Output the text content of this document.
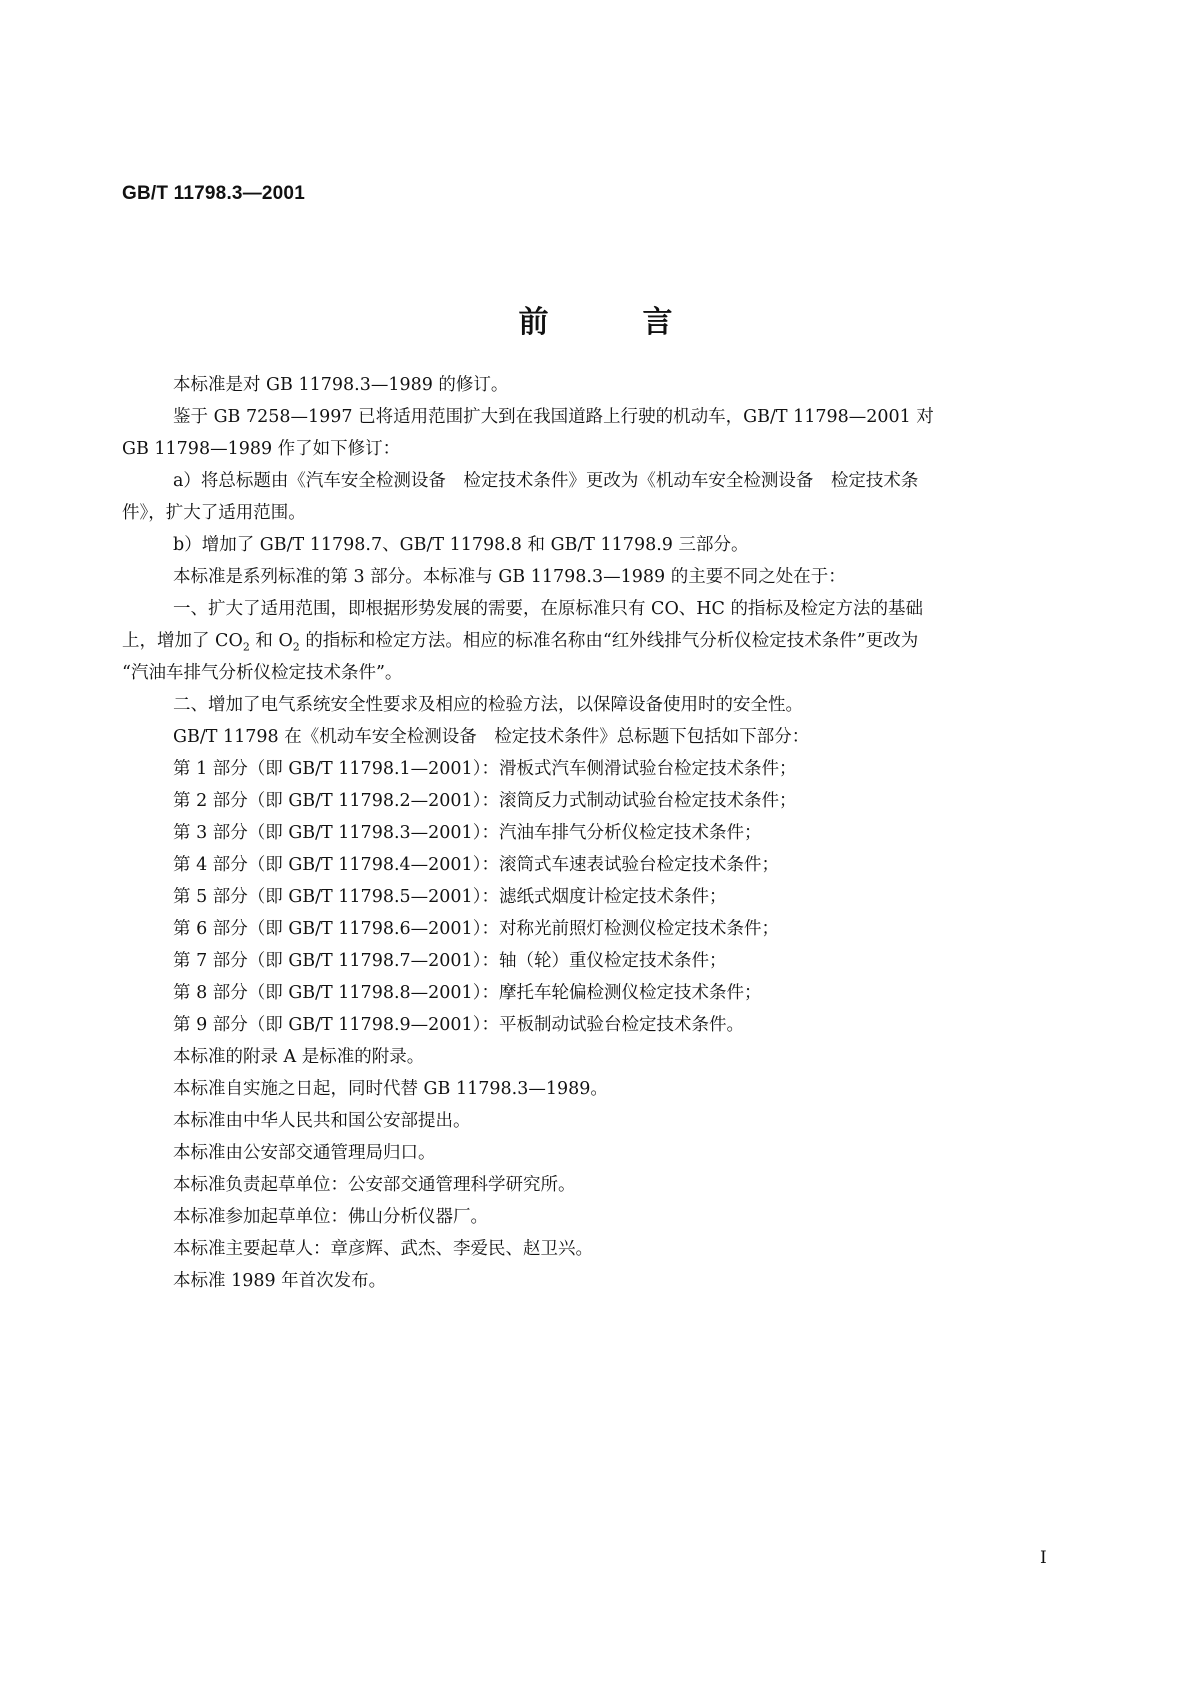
GB/T 11798.3—2001
前言
本标准是对 GB 11798.3—1989 的修订。
鉴于 GB 7258—1997 已将适用范围扩大到在我国道路上行驶的机动车，GB/T 11798—2001 对
GB 11798—1989 作了如下修订：
a）将总标题由《汽车安全检测设备　检定技术条件》更改为《机动车安全检测设备　检定技术条
件》，扩大了适用范围。
b）增加了 GB/T 11798.7、GB/T 11798.8 和 GB/T 11798.9 三部分。
本标准是系列标准的第 3 部分。本标准与 GB 11798.3—1989 的主要不同之处在于：
一、扩大了适用范围，即根据形势发展的需要，在原标准只有 CO、HC 的指标及检定方法的基础
上，增加了 $CO_2$ 和 $O_2$ 的指标和检定方法。相应的标准名称由“红外线排气分析仪检定技术条件”更改为
“汽油车排气分析仪检定技术条件”。
二、增加了电气系统安全性要求及相应的检验方法，以保障设备使用时的安全性。
GB/T 11798 在《机动车安全检测设备　检定技术条件》总标题下包括如下部分：
第 1 部分（即 GB/T 11798.1—2001）：滑板式汽车侧滑试验台检定技术条件；
第 2 部分（即 GB/T 11798.2—2001）：滚筒反力式制动试验台检定技术条件；
第 3 部分（即 GB/T 11798.3—2001）：汽油车排气分析仪检定技术条件；
第 4 部分（即 GB/T 11798.4—2001）：滚筒式车速表试验台检定技术条件；
第 5 部分（即 GB/T 11798.5—2001）：滤纸式烟度计检定技术条件；
第 6 部分（即 GB/T 11798.6—2001）：对称光前照灯检测仪检定技术条件；
第 7 部分（即 GB/T 11798.7—2001）：轴（轮）重仪检定技术条件；
第 8 部分（即 GB/T 11798.8—2001）：摩托车轮偏检测仪检定技术条件；
第 9 部分（即 GB/T 11798.9—2001）：平板制动试验台检定技术条件。
本标准的附录 A 是标准的附录。
本标准自实施之日起，同时代替 GB 11798.3—1989。
本标准由中华人民共和国公安部提出。
本标准由公安部交通管理局归口。
本标准负责起草单位：公安部交通管理科学研究所。
本标准参加起草单位：佛山分析仪器厂。
本标准主要起草人：章彦辉、武杰、李爱民、赵卫兴。
本标准 1989 年首次发布。
I
